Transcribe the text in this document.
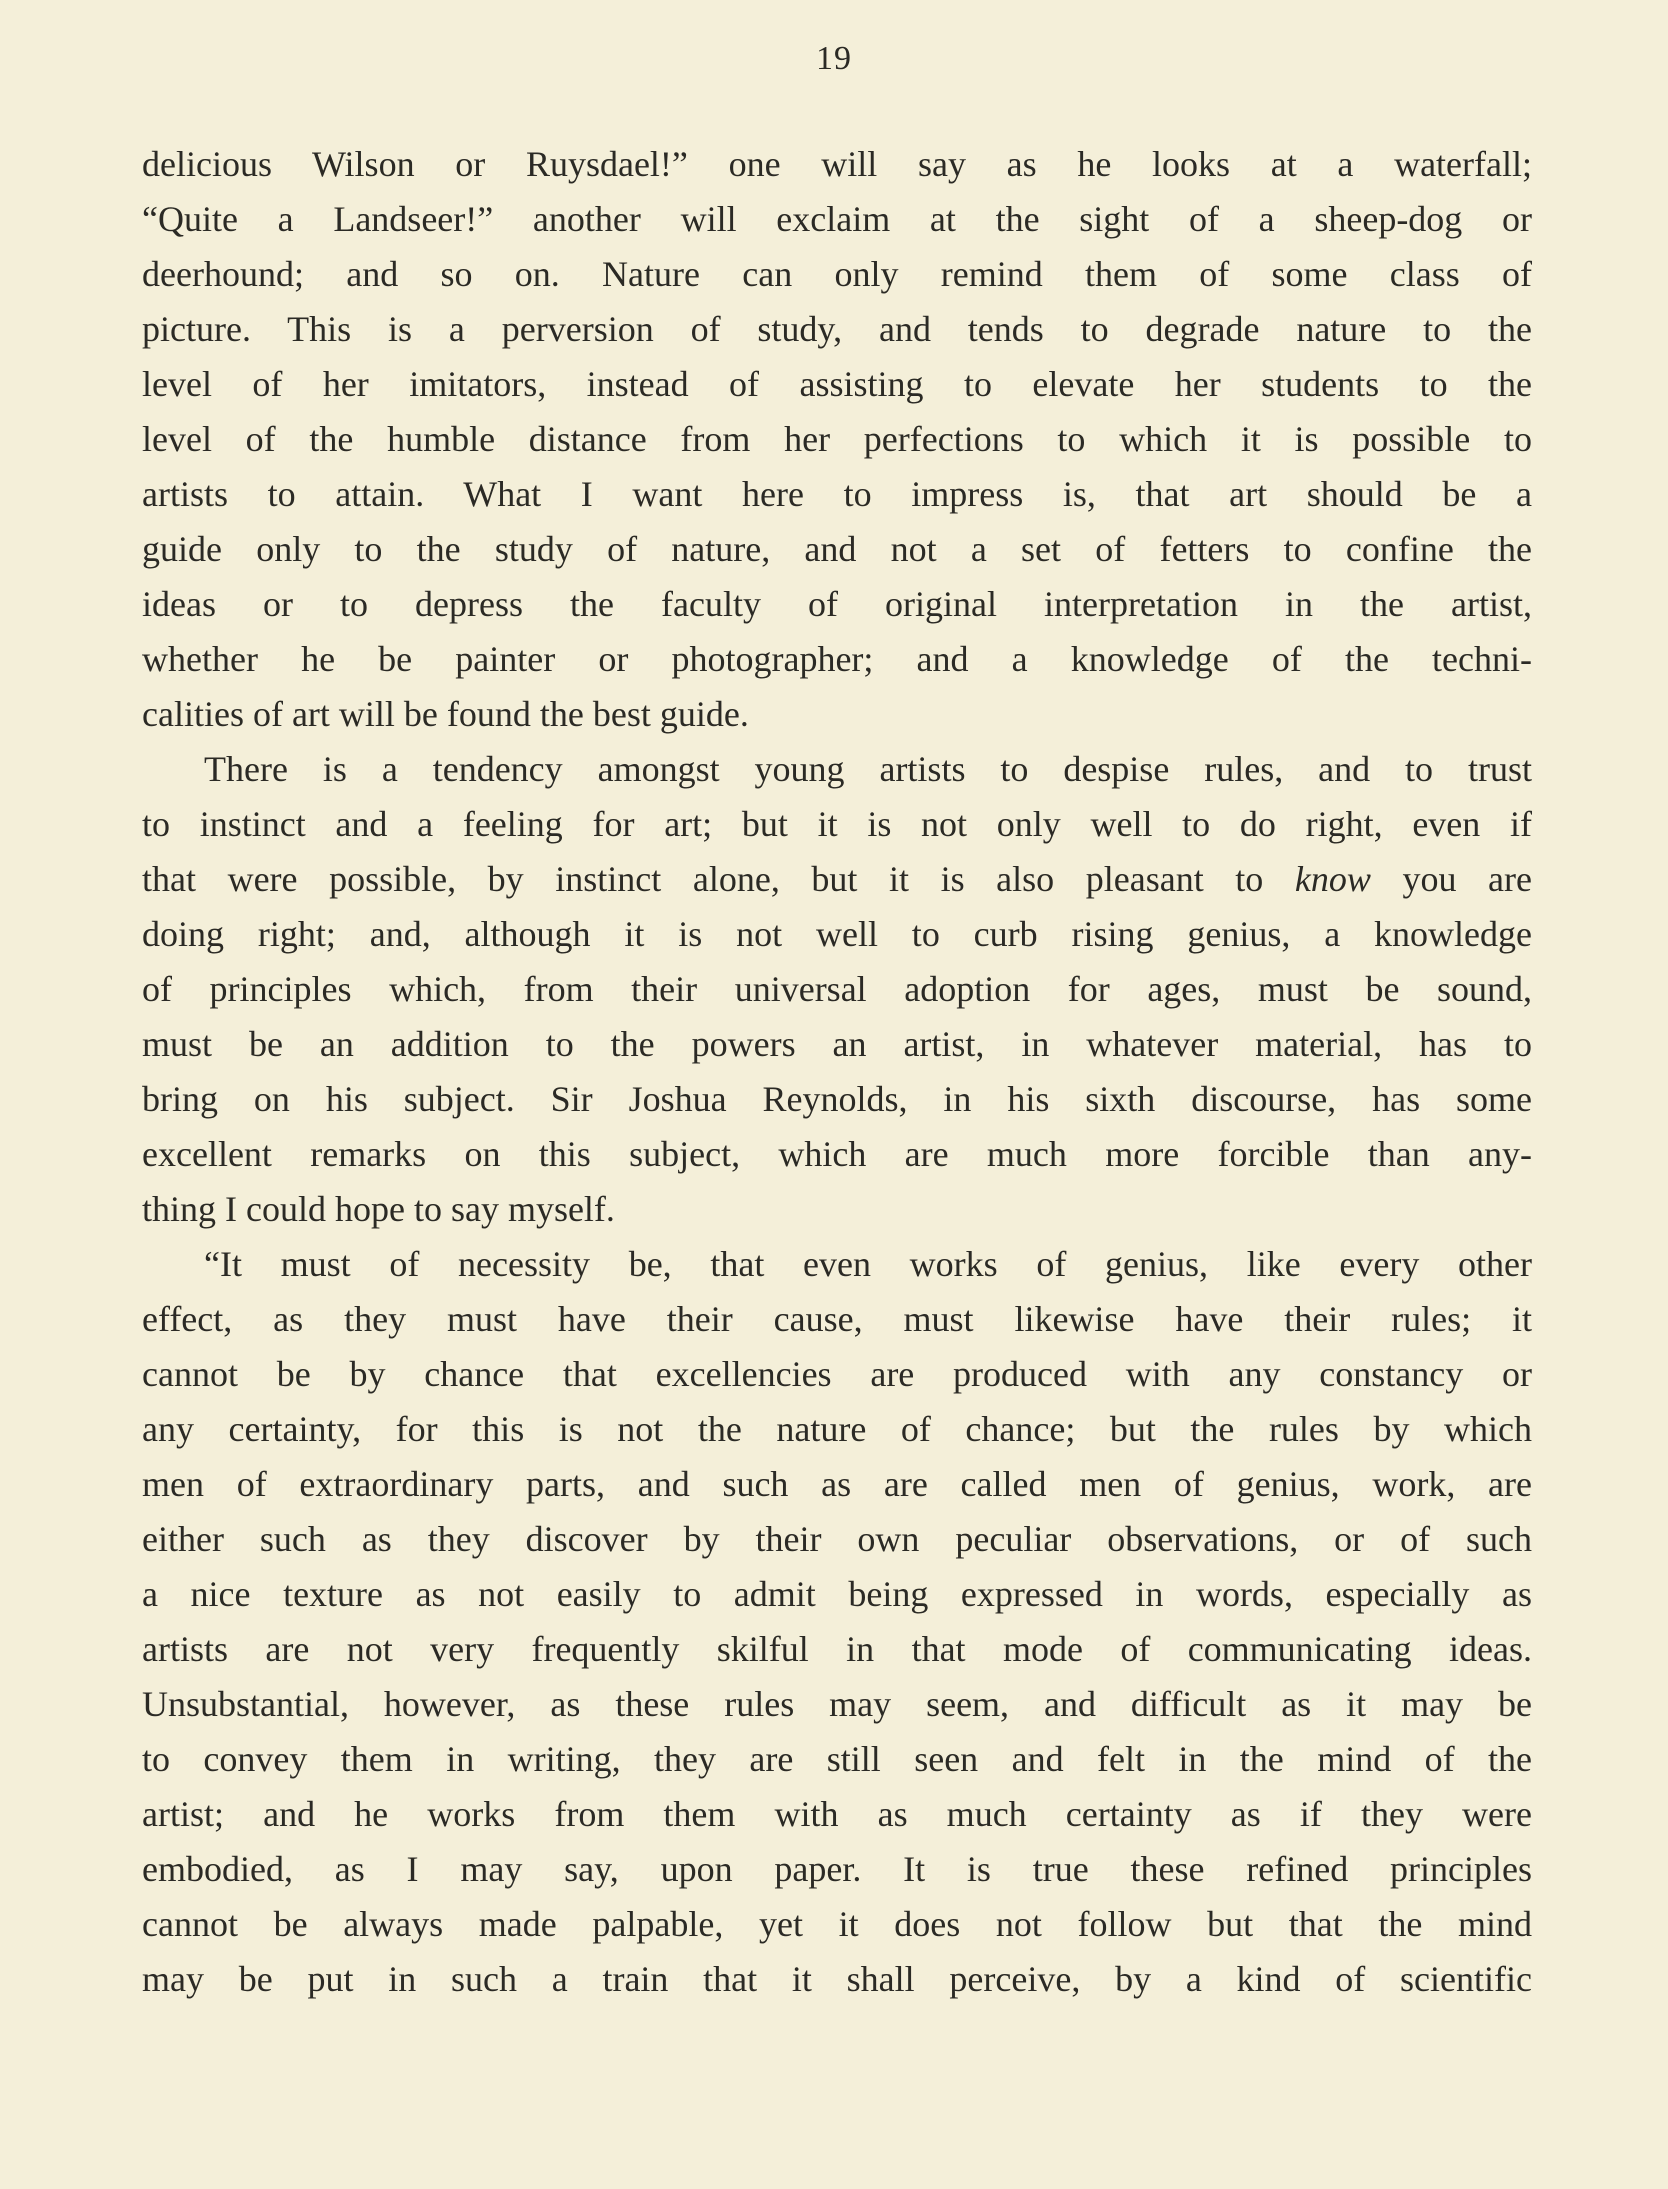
19
delicious Wilson or Ruysdael!” one will say as he looks at a waterfall;
“Quite a Landseer!” another will exclaim at the sight of a sheep-dog or
deerhound; and so on. Nature can only remind them of some class of
picture. This is a perversion of study, and tends to degrade nature to the
level of her imitators, instead of assisting to elevate her students to the
level of the humble distance from her perfections to which it is possible to
artists to attain. What I want here to impress is, that art should be a
guide only to the study of nature, and not a set of fetters to confine the
ideas or to depress the faculty of original interpretation in the artist,
whether he be painter or photographer; and a knowledge of the techni-
calities of art will be found the best guide.
There is a tendency amongst young artists to despise rules, and to trust
to instinct and a feeling for art; but it is not only well to do right, even if
that were possible, by instinct alone, but it is also pleasant to know you are
doing right; and, although it is not well to curb rising genius, a knowledge
of principles which, from their universal adoption for ages, must be sound,
must be an addition to the powers an artist, in whatever material, has to
bring on his subject. Sir Joshua Reynolds, in his sixth discourse, has some
excellent remarks on this subject, which are much more forcible than any-
thing I could hope to say myself.
“It must of necessity be, that even works of genius, like every other
effect, as they must have their cause, must likewise have their rules; it
cannot be by chance that excellencies are produced with any constancy or
any certainty, for this is not the nature of chance; but the rules by which
men of extraordinary parts, and such as are called men of genius, work, are
either such as they discover by their own peculiar observations, or of such
a nice texture as not easily to admit being expressed in words, especially as
artists are not very frequently skilful in that mode of communicating ideas.
Unsubstantial, however, as these rules may seem, and difficult as it may be
to convey them in writing, they are still seen and felt in the mind of the
artist; and he works from them with as much certainty as if they were
embodied, as I may say, upon paper. It is true these refined principles
cannot be always made palpable, yet it does not follow but that the mind
may be put in such a train that it shall perceive, by a kind of scientific
